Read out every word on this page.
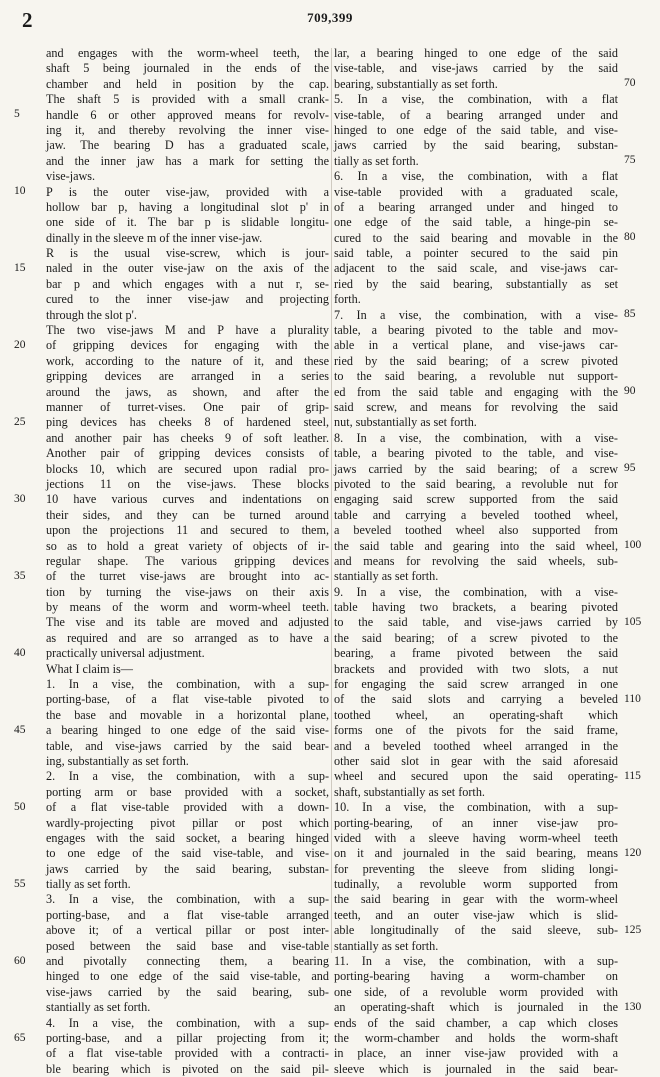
2	709,399
and engages with the worm-wheel teeth, the
shaft 5 being journaled in the ends of the
chamber and held in position by the cap.
The shaft 5 is provided with a small crank-
handle 6 or other approved means for revolv-
ing it, and thereby revolving the inner vise-
jaw. The bearing D has a graduated scale,
and the inner jaw has a mark for setting the
vise-jaws.
P is the outer vise-jaw, provided with a
hollow bar p, having a longitudinal slot p' in
one side of it. The bar p is slidable longitu-
dinally in the sleeve m of the inner vise-jaw.
R is the usual vise-screw, which is jour-
naled in the outer vise-jaw on the axis of the
bar p and which engages with a nut r, se-
cured to the inner vise-jaw and projecting
through the slot p'.
The two vise-jaws M and P have a plurality
of gripping devices for engaging with the
work, according to the nature of it, and these
gripping devices are arranged in a series
around the jaws, as shown, and after the
manner of turret-vises. One pair of grip-
ping devices has cheeks 8 of hardened steel,
and another pair has cheeks 9 of soft leather.
Another pair of gripping devices consists of
blocks 10, which are secured upon radial pro-
jections 11 on the vise-jaws. These blocks
10 have various curves and indentations on
their sides, and they can be turned around
upon the projections 11 and secured to them,
so as to hold a great variety of objects of ir-
regular shape. The various gripping devices
of the turret vise-jaws are brought into ac-
tion by turning the vise-jaws on their axis
by means of the worm and worm-wheel teeth.
The vise and its table are moved and adjusted
as required and are so arranged as to have a
practically universal adjustment.
What I claim is—
1. In a vise, the combination, with a sup-
porting-base, of a flat vise-table pivoted to
the base and movable in a horizontal plane,
a bearing hinged to one edge of the said vise-
table, and vise-jaws carried by the said bear-
ing, substantially as set forth.
2. In a vise, the combination, with a sup-
porting arm or base provided with a socket,
of a flat vise-table provided with a down-
wardly-projecting pivot pillar or post which
engages with the said socket, a bearing hinged
to one edge of the said vise-table, and vise-
jaws carried by the said bearing, substan-
tially as set forth.
3. In a vise, the combination, with a sup-
porting-base, and a flat vise-table arranged
above it; of a vertical pillar or post inter-
posed between the said base and vise-table
and pivotally connecting them, a bearing
hinged to one edge of the said vise-table, and
vise-jaws carried by the said bearing, sub-
stantially as set forth.
4. In a vise, the combination, with a sup-
porting-base, and a pillar projecting from it;
of a flat vise-table provided with a contracti-
ble bearing which is pivoted on the said pil-
lar, a bearing hinged to one edge of the said
vise-table, and vise-jaws carried by the said
bearing, substantially as set forth.
5. In a vise, the combination, with a flat
vise-table, of a bearing arranged under and
hinged to one edge of the said table, and vise-
jaws carried by the said bearing, substan-
tially as set forth.
6. In a vise, the combination, with a flat
vise-table provided with a graduated scale,
of a bearing arranged under and hinged to
one edge of the said table, a hinge-pin se-
cured to the said bearing and movable in the
said table, a pointer secured to the said pin
adjacent to the said scale, and vise-jaws car-
ried by the said bearing, substantially as set
forth.
7. In a vise, the combination, with a vise-
table, a bearing pivoted to the table and mov-
able in a vertical plane, and vise-jaws car-
ried by the said bearing; of a screw pivoted
to the said bearing, a revoluble nut support-
ed from the said table and engaging with the
said screw, and means for revolving the said
nut, substantially as set forth.
8. In a vise, the combination, with a vise-
table, a bearing pivoted to the table, and vise-
jaws carried by the said bearing; of a screw
pivoted to the said bearing, a revoluble nut for
engaging said screw supported from the said
table and carrying a beveled toothed wheel,
a beveled toothed wheel also supported from
the said table and gearing into the said wheel,
and means for revolving the said wheels, sub-
stantially as set forth.
9. In a vise, the combination, with a vise-
table having two brackets, a bearing pivoted
to the said table, and vise-jaws carried by
the said bearing; of a screw pivoted to the
bearing, a frame pivoted between the said
brackets and provided with two slots, a nut
for engaging the said screw arranged in one
of the said slots and carrying a beveled
toothed wheel, an operating-shaft which
forms one of the pivots for the said frame,
and a beveled toothed wheel arranged in the
other said slot in gear with the said aforesaid
wheel and secured upon the said operating-
shaft, substantially as set forth.
10. In a vise, the combination, with a sup-
porting-bearing, of an inner vise-jaw pro-
vided with a sleeve having worm-wheel teeth
on it and journaled in the said bearing, means
for preventing the sleeve from sliding longi-
tudinally, a revoluble worm supported from
the said bearing in gear with the worm-wheel
teeth, and an outer vise-jaw which is slid-
able longitudinally of the said sleeve, sub-
stantially as set forth.
11. In a vise, the combination, with a sup-
porting-bearing having a worm-chamber on
one side, of a revoluble worm provided with
an operating-shaft which is journaled in the
ends of the said chamber, a cap which closes
the worm-chamber and holds the worm-shaft
in place, an inner vise-jaw provided with a
sleeve which is journaled in the said bear-
5
10
15
20
25
30
35
40
45
50
55
60
65
70
75
80
85
90
95
100
105
110
115
120
125
130
